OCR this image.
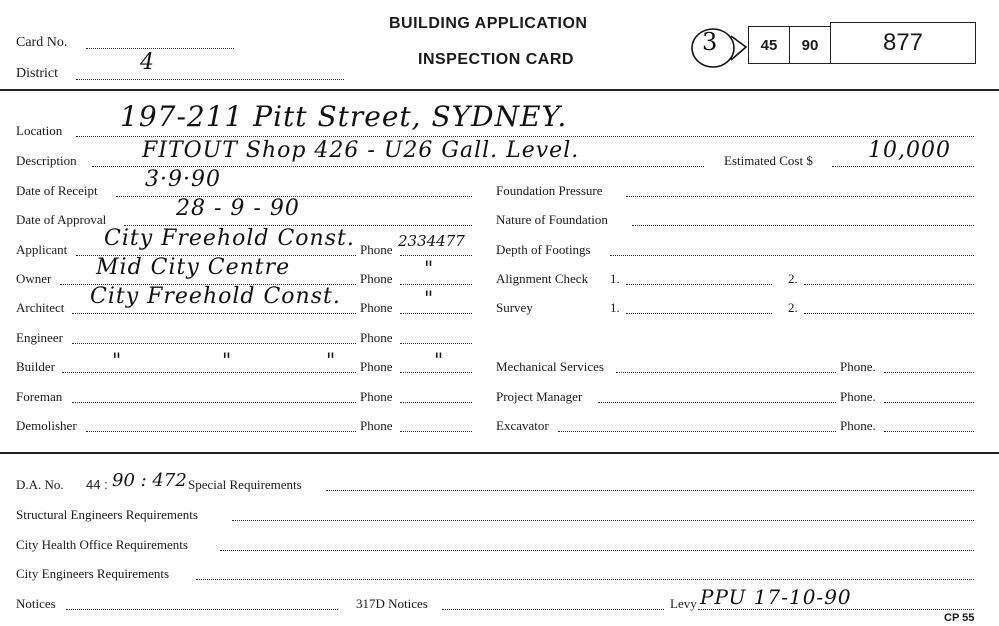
Card No.
District	4
BUILDING APPLICATION
INSPECTION CARD
3	45	90	877
Location 197-211 Pitt Street, SYDNEY.
Description	FITOUT Shop 426 - U26 Gall. Level.	Estimated Cost $	10,000
Date of Receipt 3·9·90
Date of Approval	28 - 9 - 90
Applicant City Freehold Const. Phone 2334477
Owner Mid City Centre	Phone "
Architect City Freehold Const. Phone "
Engineer	Phone
Builder	"	"	" Phone "
Foreman	Phone
Demolisher	Phone
Foundation Pressure
Nature of Foundation
Depth of Footings
Alignment Check 1.	2.
Survey	1.	2.
Mechanical Services	Phone.
Project Manager	Phone.
Excavator	Phone.
D.A. No. 44 : 90 : 472 Special Requirements
Structural Engineers Requirements
City Health Office Requirements
City Engineers Requirements
Notices	317D Notices	Levy PPU 17-10-90
CP 55
